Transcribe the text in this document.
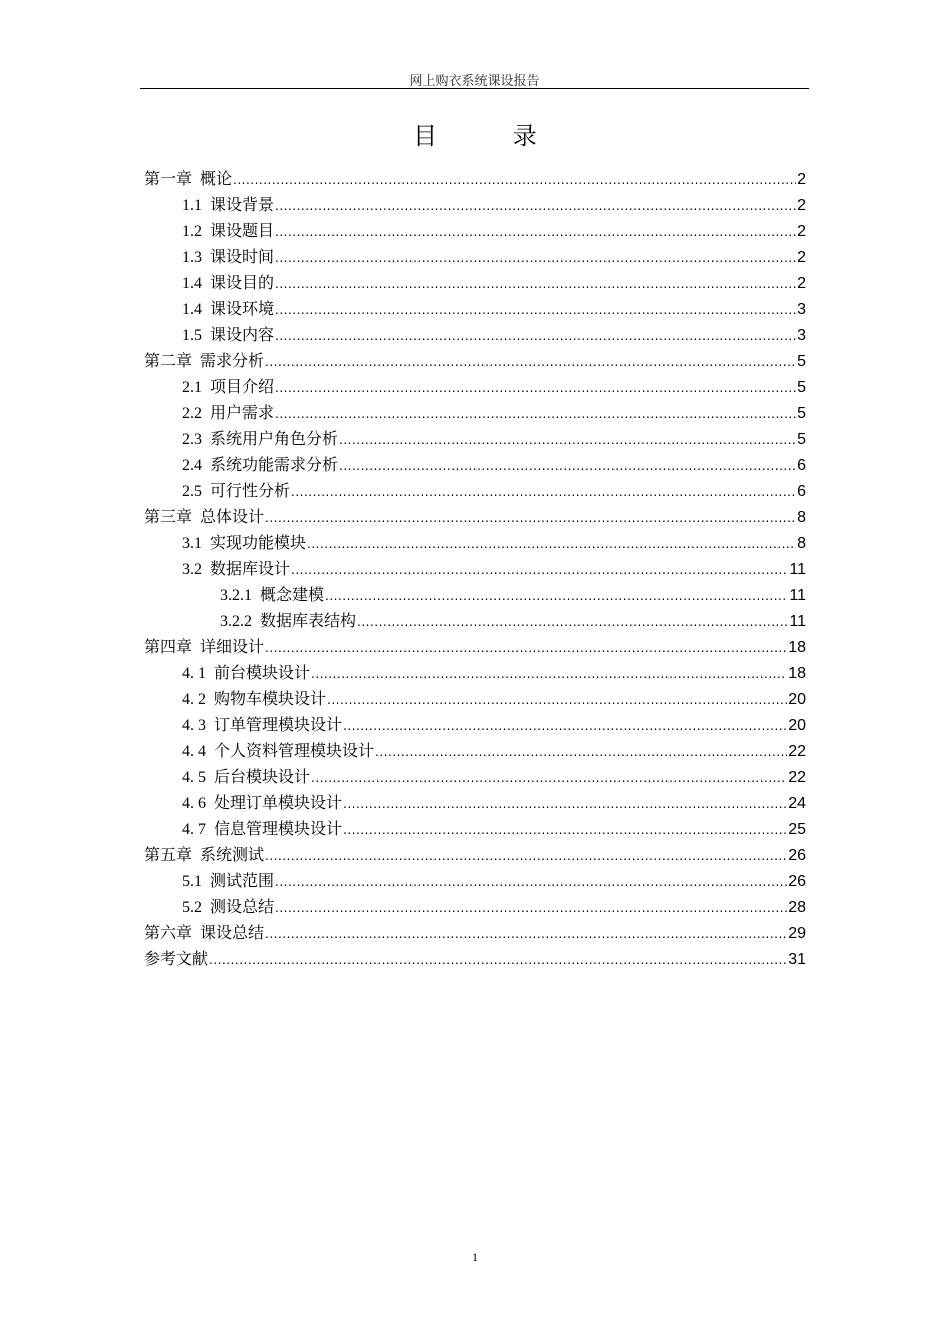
网上购衣系统课设报告
目 录
第一章 概论 .....	2
1.1 课设背景 .....	2
1.2 课设题目 .....	2
1.3 课设时间 .....	2
1.4 课设目的 .....	2
1.4 课设环境 .....	3
1.5 课设内容 .....	3
第二章 需求分析 .....	5
2.1 项目介绍 .....	5
2.2 用户需求 .....	5
2.3 系统用户角色分析 .....	5
2.4 系统功能需求分析 .....	6
2.5 可行性分析 .....	6
第三章 总体设计 .....	8
3.1 实现功能模块 .....	8
3.2 数据库设计 .....	11
3.2.1 概念建模 .....	11
3.2.2 数据库表结构 .....	11
第四章 详细设计 .....	18
4. 1 前台模块设计 .....	18
4. 2 购物车模块设计 .....	20
4. 3 订单管理模块设计 .....	20
4. 4 个人资料管理模块设计 .....	22
4. 5 后台模块设计 .....	22
4. 6 处理订单模块设计 .....	24
4. 7 信息管理模块设计 .....	25
第五章 系统测试 .....	26
5.1 测试范围 .....	26
5.2 测设总结 .....	28
第六章 课设总结 .....	29
参考文献 .....	31
1
